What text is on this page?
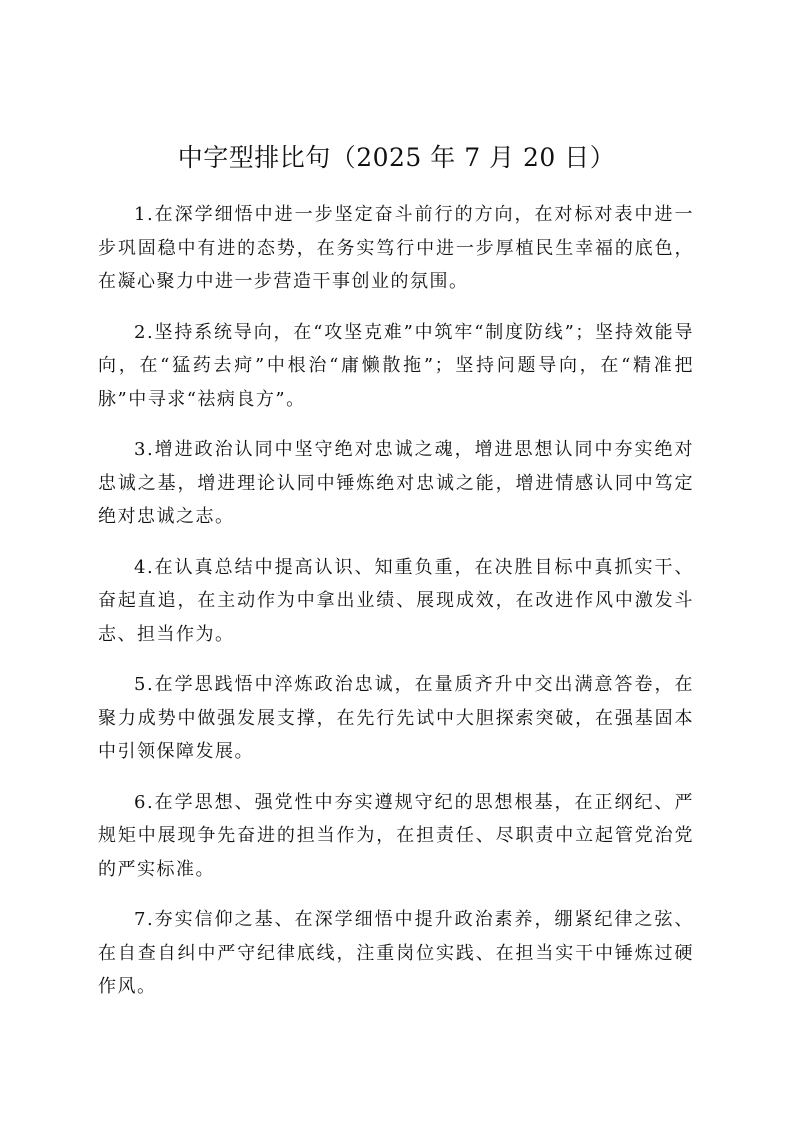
中字型排比句（2025 年 7 月 20 日）

1.在深学细悟中进一步坚定奋斗前行的方向，在对标对表中进一步巩固稳中有进的态势，在务实笃行中进一步厚植民生幸福的底色，在凝心聚力中进一步营造干事创业的氛围。

2.坚持系统导向，在“攻坚克难”中筑牢“制度防线”；坚持效能导向，在“猛药去疴”中根治“庸懒散拖”；坚持问题导向，在“精准把脉”中寻求“祛病良方”。

3.增进政治认同中坚守绝对忠诚之魂，增进思想认同中夯实绝对忠诚之基，增进理论认同中锤炼绝对忠诚之能，增进情感认同中笃定绝对忠诚之志。

4.在认真总结中提高认识、知重负重，在决胜目标中真抓实干、奋起直追，在主动作为中拿出业绩、展现成效，在改进作风中激发斗志、担当作为。

5.在学思践悟中淬炼政治忠诚，在量质齐升中交出满意答卷，在聚力成势中做强发展支撑，在先行先试中大胆探索突破，在强基固本中引领保障发展。

6.在学思想、强党性中夯实遵规守纪的思想根基，在正纲纪、严规矩中展现争先奋进的担当作为，在担责任、尽职责中立起管党治党的严实标准。

7.夯实信仰之基、在深学细悟中提升政治素养，绷紧纪律之弦、在自查自纠中严守纪律底线，注重岗位实践、在担当实干中锤炼过硬作风。
